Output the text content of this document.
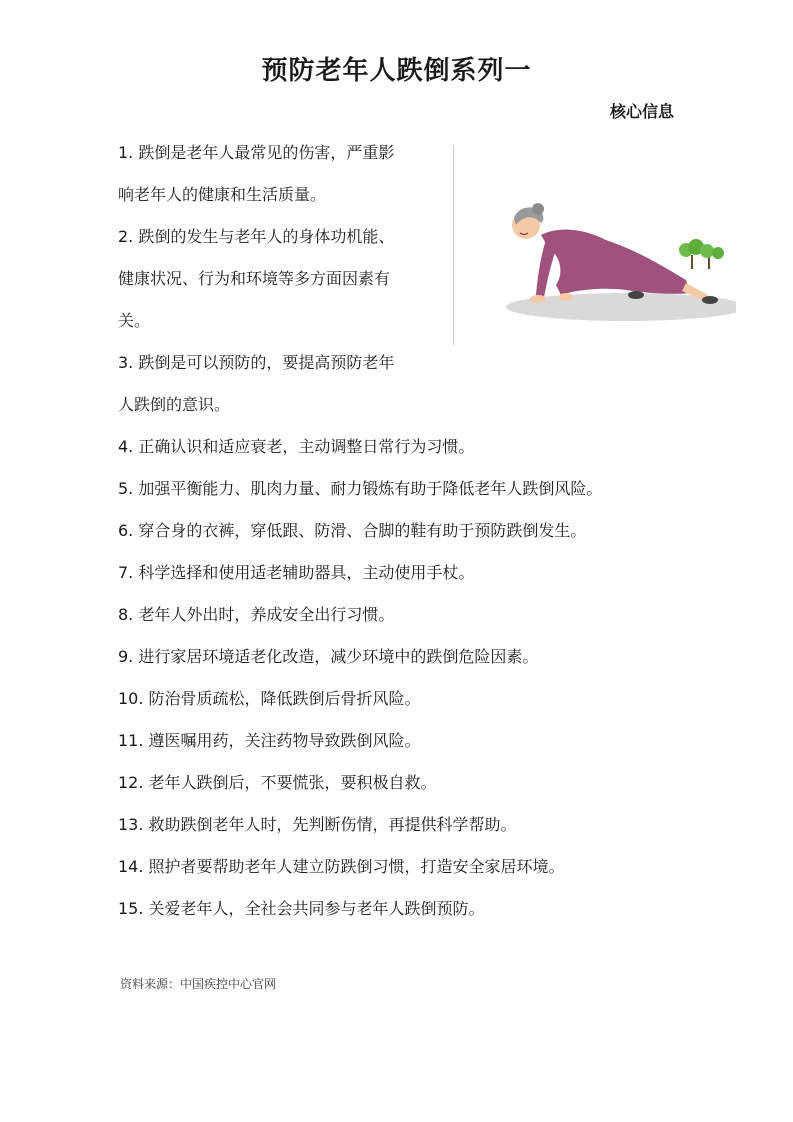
预防老年人跌倒系列一
核心信息
1. 跌倒是老年人最常见的伤害，严重影
响老年人的健康和生活质量。
2. 跌倒的发生与老年人的身体功机能、
健康状况、行为和环境等多方面因素有
关。
3. 跌倒是可以预防的，要提高预防老年
人跌倒的意识。
4. 正确认识和适应衰老，主动调整日常行为习惯。
5. 加强平衡能力、肌肉力量、耐力锻炼有助于降低老年人跌倒风险。
6. 穿合身的衣裤，穿低跟、防滑、合脚的鞋有助于预防跌倒发生。
7. 科学选择和使用适老辅助器具，主动使用手杖。
8. 老年人外出时，养成安全出行习惯。
9. 进行家居环境适老化改造，减少环境中的跌倒危险因素。
10. 防治骨质疏松，降低跌倒后骨折风险。
11. 遵医嘱用药，关注药物导致跌倒风险。
12. 老年人跌倒后，不要慌张，要积极自救。
13. 救助跌倒老年人时，先判断伤情，再提供科学帮助。
14. 照护者要帮助老年人建立防跌倒习惯，打造安全家居环境。
15. 关爱老年人，全社会共同参与老年人跌倒预防。
资料来源：中国疾控中心官网
